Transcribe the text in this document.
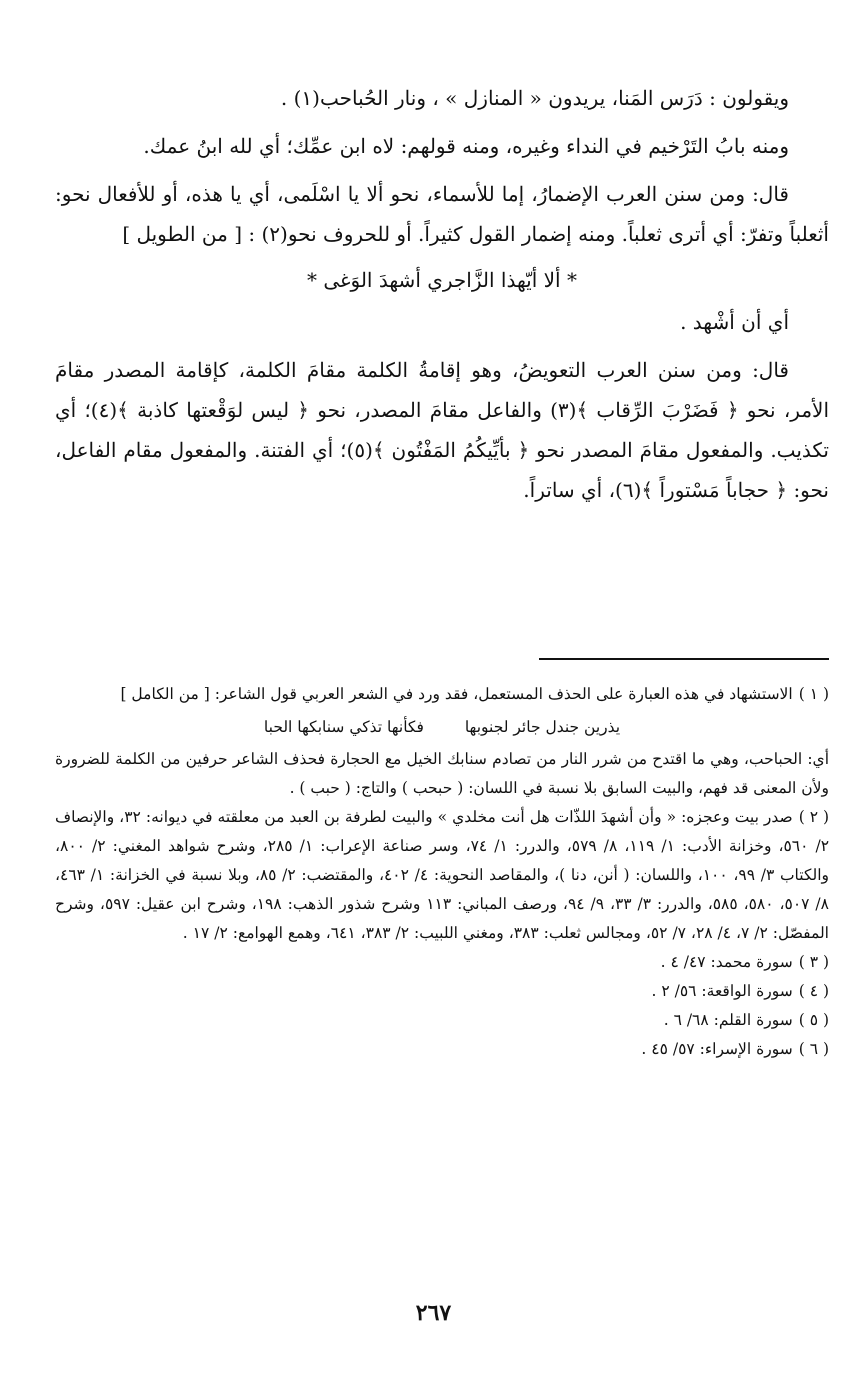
ويقولون : دَرَس المَنا، يريدون « المنازل » ، ونار الحُباحب(١) .

ومنه بابُ التَرْخيم في النداء وغيره، ومنه قولهم: لاه ابن عمِّك؛ أي لله ابنُ عمك.

قال: ومن سنن العرب الإضمارُ، إما للأسماء، نحو ألا يا اسْلَمى، أي يا هذه، أو للأفعال نحو: أثعلباً وتفرّ: أي أترى ثعلباً. ومنه إضمار القول كثيراً. أو للحروف نحو(٢) : [ من الطويل ]

* ألا أيّهذا الزَّاجري أشهدَ الوَغى *

أي أن أشْهد .

قال: ومن سنن العرب التعويضُ، وهو إقامةُ الكلمة مقامَ الكلمة، كإقامة المصدر مقامَ الأمر، نحو ﴿ فَضَرْبَ الرِّقاب ﴾(٣) والفاعل مقامَ المصدر، نحو ﴿ ليس لوَقْعتها كاذبة ﴾(٤)؛ أي تكذيب. والمفعول مقامَ المصدر نحو ﴿ بأيِّيكُمُ المَفْتُون ﴾(٥)؛ أي الفتنة. والمفعول مقام الفاعل، نحو: ﴿ حجاباً مَسْتوراً ﴾(٦)، أي ساتراً.

( ١ )الاستشهاد في هذه العبارة على الحذف المستعمل، فقد ورد في الشعر العربي قول الشاعر: [ من الكامل ]

يذرين جندل جائر لجنوبها فكأنها تذكي سنابكها الحبا

أي: الحباحب، وهي ما اقتدح من شرر النار من تصادم سنابك الخيل مع الحجارة فحذف الشاعر حرفين من الكلمة للضرورة ولأن المعنى قد فهم، والبيت السابق بلا نسبة في اللسان: ( حبحب ) والتاج: ( حبب ) .

( ٢ )صدر بيت وعجزه: « وأن أشهدَ اللذّات هل أنت مخلدي » والبيت لطرفة بن العبد من معلقته في ديوانه: ٣٢، والإنصاف ٢/ ٥٦٠، وخزانة الأدب: ١/ ١١٩، ٨/ ٥٧٩، والدرر: ١/ ٧٤، وسر صناعة الإعراب: ١/ ٢٨٥، وشرح شواهد المغني: ٢/ ٨٠٠، والكتاب ٣/ ٩٩، ١٠٠، واللسان: ( أنن، دنا )، والمقاصد النحوية: ٤/ ٤٠٢، والمقتضب: ٢/ ٨٥، وبلا نسبة في الخزانة: ١/ ٤٦٣، ٨/ ٥٠٧، ٥٨٠، ٥٨٥، والدرر: ٣/ ٣٣، ٩/ ٩٤، ورصف المباني: ١١٣ وشرح شذور الذهب: ١٩٨، وشرح ابن عقيل: ٥٩٧، وشرح المفصّل: ٢/ ٧، ٤/ ٢٨، ٧/ ٥٢، ومجالس ثعلب: ٣٨٣، ومغني اللبيب: ٢/ ٣٨٣، ٦٤١، وهمع الهوامع: ٢/ ١٧ .

( ٣ )سورة محمد: ٤٧/ ٤ .

( ٤ )سورة الواقعة: ٥٦/ ٢ .

( ٥ )سورة القلم: ٦٨/ ٦ .

( ٦ )سورة الإسراء: ٥٧/ ٤٥ .

٢٦٧
